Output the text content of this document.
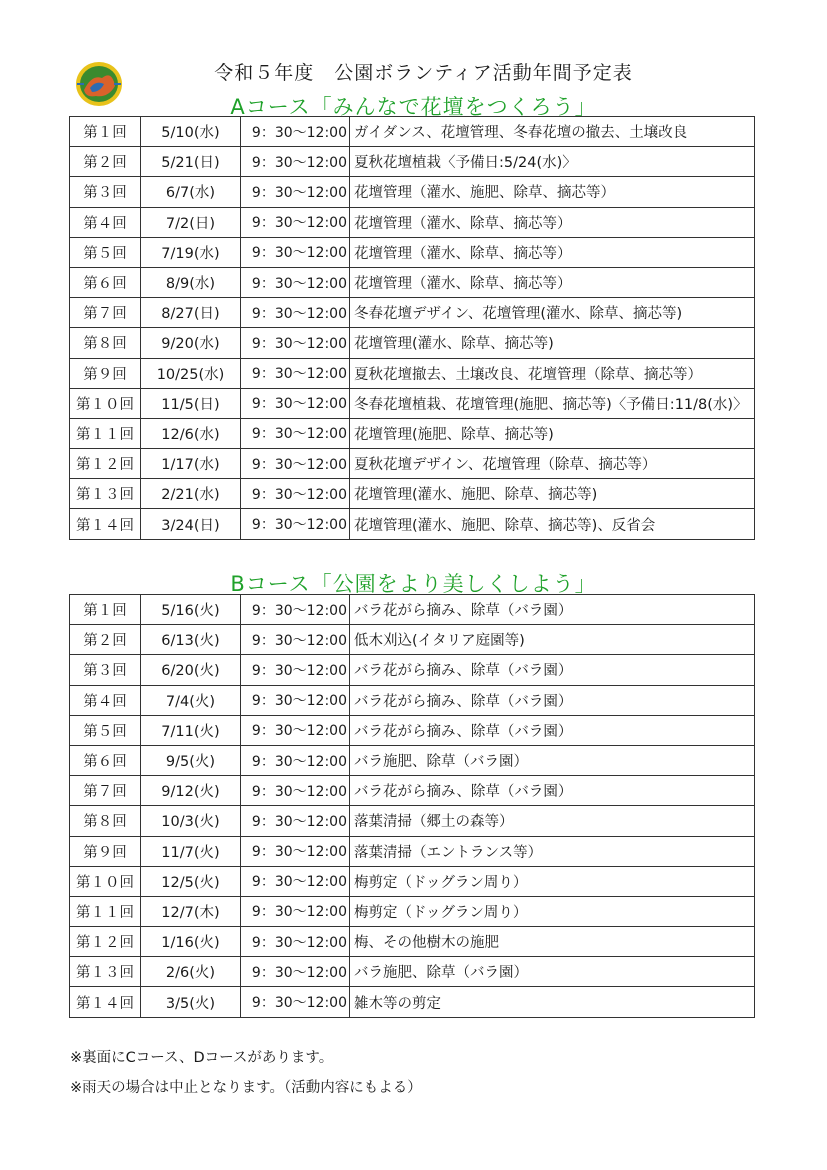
令和５年度　公園ボランティア活動年間予定表
Aコース「みんなで花壇をつくろう」
第１回	5/10(水)	9：30～12:00	ガイダンス、花壇管理、冬春花壇の撤去、土壌改良
第２回	5/21(日)	9：30～12:00	夏秋花壇植栽〈予備日:5/24(水)〉
第３回	6/7(水)	9：30～12:00	花壇管理（灌水、施肥、除草、摘芯等）
第４回	7/2(日)	9：30～12:00	花壇管理（灌水、除草、摘芯等）
第５回	7/19(水)	9：30～12:00	花壇管理（灌水、除草、摘芯等）
第６回	8/9(水)	9：30～12:00	花壇管理（灌水、除草、摘芯等）
第７回	8/27(日)	9：30～12:00	冬春花壇デザイン、花壇管理(灌水、除草、摘芯等)
第８回	9/20(水)	9：30～12:00	花壇管理(灌水、除草、摘芯等)
第９回	10/25(水)	9：30～12:00	夏秋花壇撤去、土壌改良、花壇管理（除草、摘芯等）
第１０回	11/5(日)	9：30～12:00	冬春花壇植栽、花壇管理(施肥、摘芯等)〈予備日:11/8(水)〉
第１１回	12/6(水)	9：30～12:00	花壇管理(施肥、除草、摘芯等)
第１２回	1/17(水)	9：30～12:00	夏秋花壇デザイン、花壇管理（除草、摘芯等）
第１３回	2/21(水)	9：30～12:00	花壇管理(灌水、施肥、除草、摘芯等)
第１４回	3/24(日)	9：30～12:00	花壇管理(灌水、施肥、除草、摘芯等)、反省会
Bコース「公園をより美しくしよう」
第１回	5/16(火)	9：30～12:00	バラ花がら摘み、除草（バラ園）
第２回	6/13(火)	9：30～12:00	低木刈込(イタリア庭園等)
第３回	6/20(火)	9：30～12:00	バラ花がら摘み、除草（バラ園）
第４回	7/4(火)	9：30～12:00	バラ花がら摘み、除草（バラ園）
第５回	7/11(火)	9：30～12:00	バラ花がら摘み、除草（バラ園）
第６回	9/5(火)	9：30～12:00	バラ施肥、除草（バラ園）
第７回	9/12(火)	9：30～12:00	バラ花がら摘み、除草（バラ園）
第８回	10/3(火)	9：30～12:00	落葉清掃（郷土の森等）
第９回	11/7(火)	9：30～12:00	落葉清掃（エントランス等）
第１０回	12/5(火)	9：30～12:00	梅剪定（ドッグラン周り）
第１１回	12/7(木)	9：30～12:00	梅剪定（ドッグラン周り）
第１２回	1/16(火)	9：30～12:00	梅、その他樹木の施肥
第１３回	2/6(火)	9：30～12:00	バラ施肥、除草（バラ園）
第１４回	3/5(火)	9：30～12:00	雑木等の剪定
※裏面にCコース、Dコースがあります。
※雨天の場合は中止となります。（活動内容にもよる）
